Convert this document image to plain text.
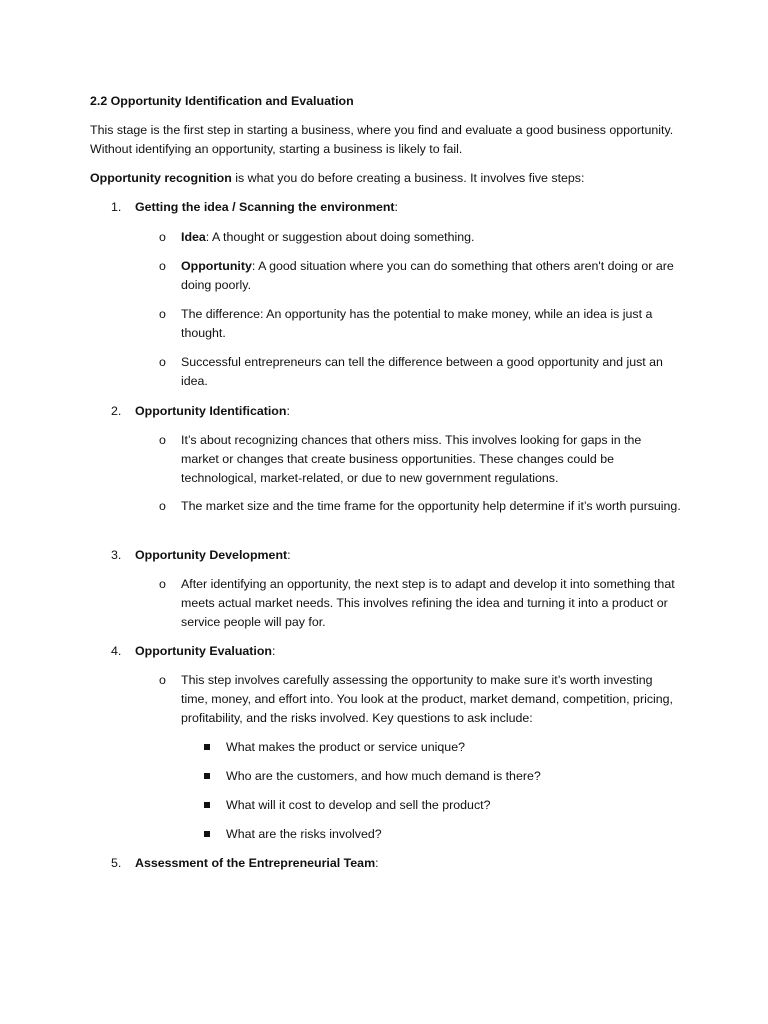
2.2 Opportunity Identification and Evaluation

This stage is the first step in starting a business, where you find and evaluate a good business opportunity. Without identifying an opportunity, starting a business is likely to fail.

Opportunity recognition is what you do before creating a business. It involves five steps:

1. Getting the idea / Scanning the environment:

o	Idea: A thought or suggestion about doing something.

o	Opportunity: A good situation where you can do something that others aren't doing or are doing poorly.

o	The difference: An opportunity has the potential to make money, while an idea is just a thought.

o	Successful entrepreneurs can tell the difference between a good opportunity and just an idea.

2. Opportunity Identification:

o	It’s about recognizing chances that others miss. This involves looking for gaps in the market or changes that create business opportunities. These changes could be technological, market-related, or due to new government regulations.

o	The market size and the time frame for the opportunity help determine if it’s worth pursuing.

3. Opportunity Development:

o	After identifying an opportunity, the next step is to adapt and develop it into something that meets actual market needs. This involves refining the idea and turning it into a product or service people will pay for.

4. Opportunity Evaluation:

o	This step involves carefully assessing the opportunity to make sure it’s worth investing time, money, and effort into. You look at the product, market demand, competition, pricing, profitability, and the risks involved. Key questions to ask include:

What makes the product or service unique?

Who are the customers, and how much demand is there?

What will it cost to develop and sell the product?

What are the risks involved?

5. Assessment of the Entrepreneurial Team:
